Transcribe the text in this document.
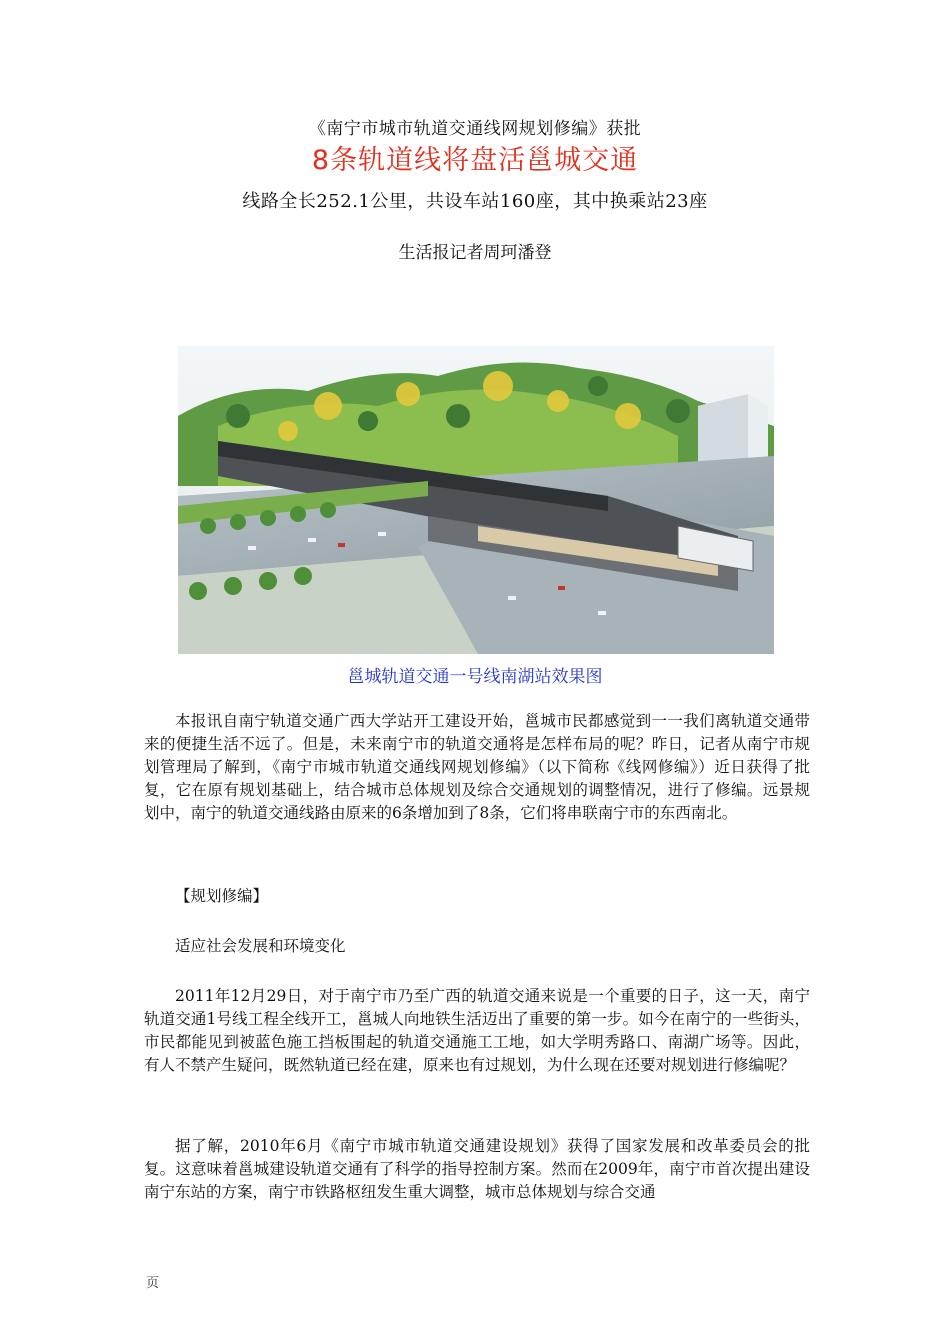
《南宁市城市轨道交通线网规划修编》获批
8条轨道线将盘活邕城交通
线路全长252.1公里，共设车站160座，其中换乘站23座
生活报记者周珂潘登
邕城轨道交通一号线南湖站效果图

本报讯自南宁轨道交通广西大学站开工建设开始，邕城市民都感觉到一一我们离轨道交通带来的便捷生活不远了。但是，未来南宁市的轨道交通将是怎样布局的呢？昨日，记者从南宁市规划管理局了解到，《南宁市城市轨道交通线网规划修编》（以下简称《线网修编》）近日获得了批复，它在原有规划基础上，结合城市总体规划及综合交通规划的调整情况，进行了修编。远景规划中，南宁的轨道交通线路由原来的6条增加到了8条，它们将串联南宁市的东西南北。

【规划修编】

适应社会发展和环境变化

2011年12月29日，对于南宁市乃至广西的轨道交通来说是一个重要的日子，这一天，南宁轨道交通1号线工程全线开工，邕城人向地铁生活迈出了重要的第一步。如今在南宁的一些街头，市民都能见到被蓝色施工挡板围起的轨道交通施工工地，如大学明秀路口、南湖广场等。因此，有人不禁产生疑问，既然轨道已经在建，原来也有过规划，为什么现在还要对规划进行修编呢？

据了解，2010年6月《南宁市城市轨道交通建设规划》获得了国家发展和改革委员会的批复。这意味着邕城建设轨道交通有了科学的指导控制方案。然而在2009年，南宁市首次提出建设南宁东站的方案，南宁市铁路枢纽发生重大调整，城市总体规划与综合交通

页
